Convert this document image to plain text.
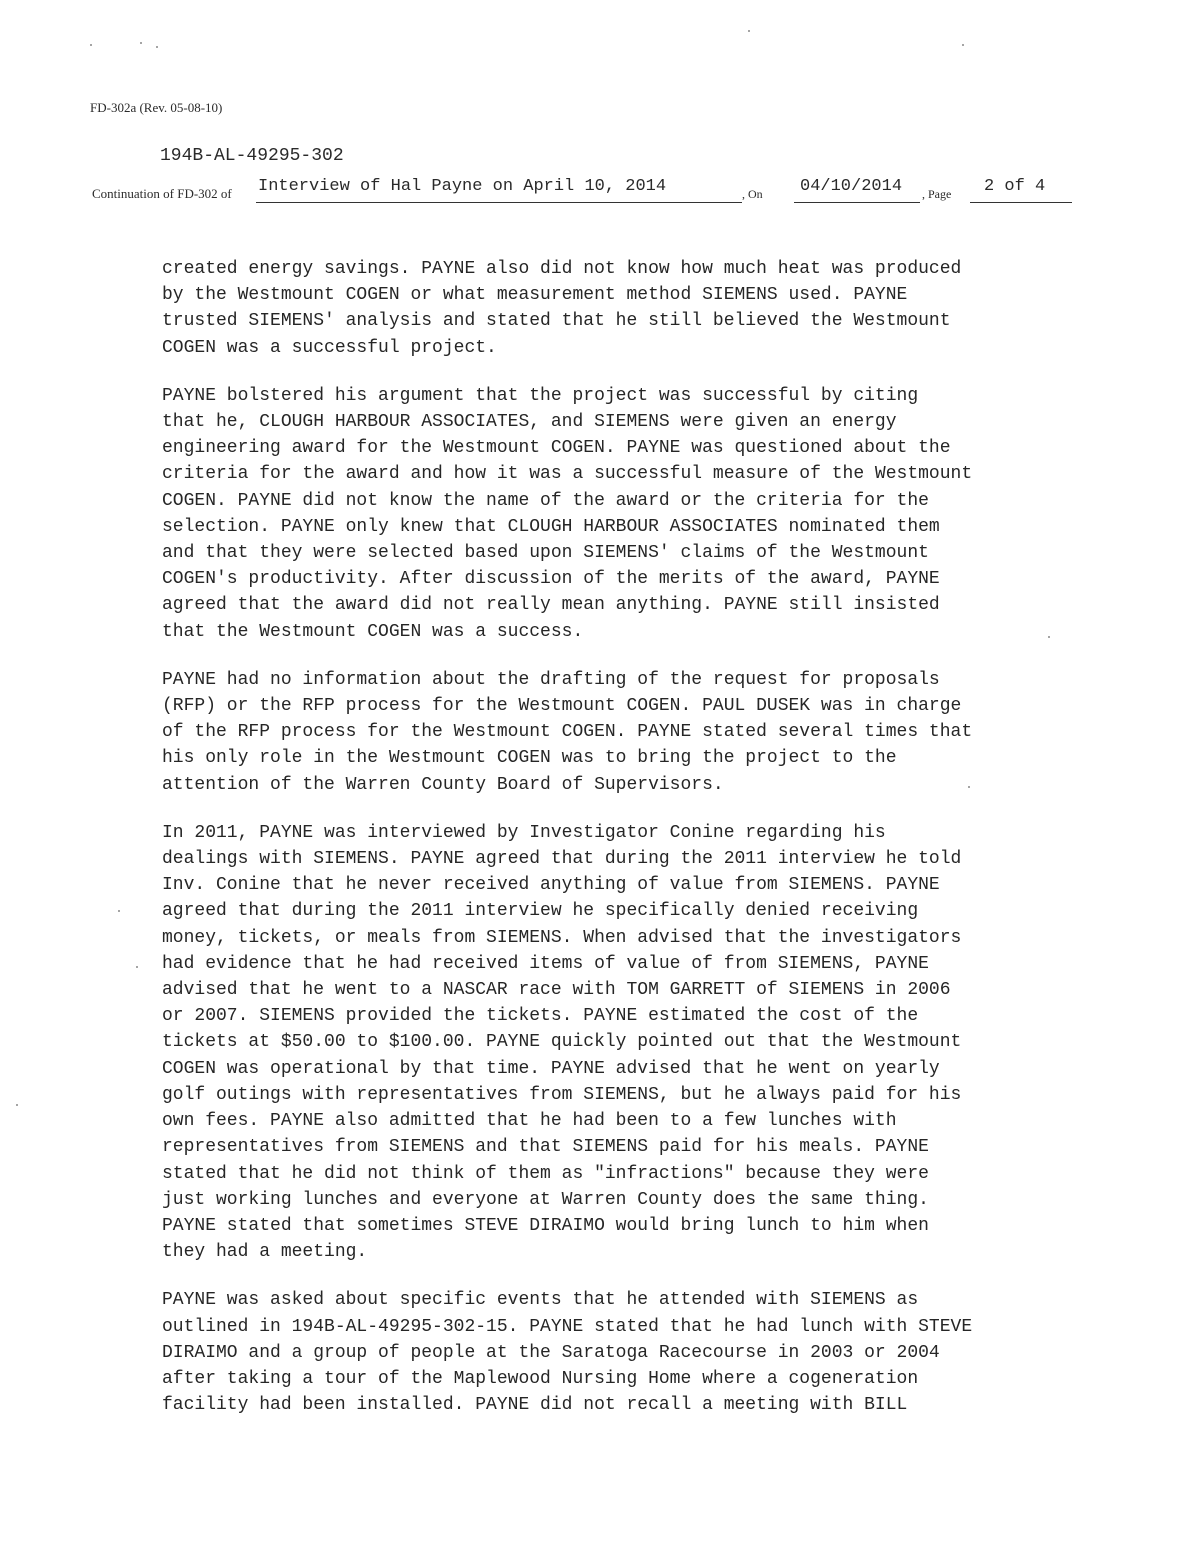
FD-302a (Rev. 05-08-10)
194B-AL-49295-302
Continuation of FD-302 of Interview of Hal Payne on April 10, 2014	, On 04/10/2014 , Page 2 of 4

created energy savings. PAYNE also did not know how much heat was produced
by the Westmount COGEN or what measurement method SIEMENS used. PAYNE
trusted SIEMENS' analysis and stated that he still believed the Westmount
COGEN was a successful project.

PAYNE bolstered his argument that the project was successful by citing
that he, CLOUGH HARBOUR ASSOCIATES, and SIEMENS were given an energy
engineering award for the Westmount COGEN. PAYNE was questioned about the
criteria for the award and how it was a successful measure of the Westmount
COGEN. PAYNE did not know the name of the award or the criteria for the
selection. PAYNE only knew that CLOUGH HARBOUR ASSOCIATES nominated them
and that they were selected based upon SIEMENS' claims of the Westmount
COGEN's productivity. After discussion of the merits of the award, PAYNE
agreed that the award did not really mean anything. PAYNE still insisted
that the Westmount COGEN was a success.

PAYNE had no information about the drafting of the request for proposals
(RFP) or the RFP process for the Westmount COGEN. PAUL DUSEK was in charge
of the RFP process for the Westmount COGEN. PAYNE stated several times that
his only role in the Westmount COGEN was to bring the project to the
attention of the Warren County Board of Supervisors.

In 2011, PAYNE was interviewed by Investigator Conine regarding his
dealings with SIEMENS. PAYNE agreed that during the 2011 interview he told
Inv. Conine that he never received anything of value from SIEMENS. PAYNE
agreed that during the 2011 interview he specifically denied receiving
money, tickets, or meals from SIEMENS. When advised that the investigators
had evidence that he had received items of value of from SIEMENS, PAYNE
advised that he went to a NASCAR race with TOM GARRETT of SIEMENS in 2006
or 2007. SIEMENS provided the tickets. PAYNE estimated the cost of the
tickets at $50.00 to $100.00. PAYNE quickly pointed out that the Westmount
COGEN was operational by that time. PAYNE advised that he went on yearly
golf outings with representatives from SIEMENS, but he always paid for his
own fees. PAYNE also admitted that he had been to a few lunches with
representatives from SIEMENS and that SIEMENS paid for his meals. PAYNE
stated that he did not think of them as "infractions" because they were
just working lunches and everyone at Warren County does the same thing.
PAYNE stated that sometimes STEVE DIRAIMO would bring lunch to him when
they had a meeting.

PAYNE was asked about specific events that he attended with SIEMENS as
outlined in 194B-AL-49295-302-15. PAYNE stated that he had lunch with STEVE
DIRAIMO and a group of people at the Saratoga Racecourse in 2003 or 2004
after taking a tour of the Maplewood Nursing Home where a cogeneration
facility had been installed. PAYNE did not recall a meeting with BILL
